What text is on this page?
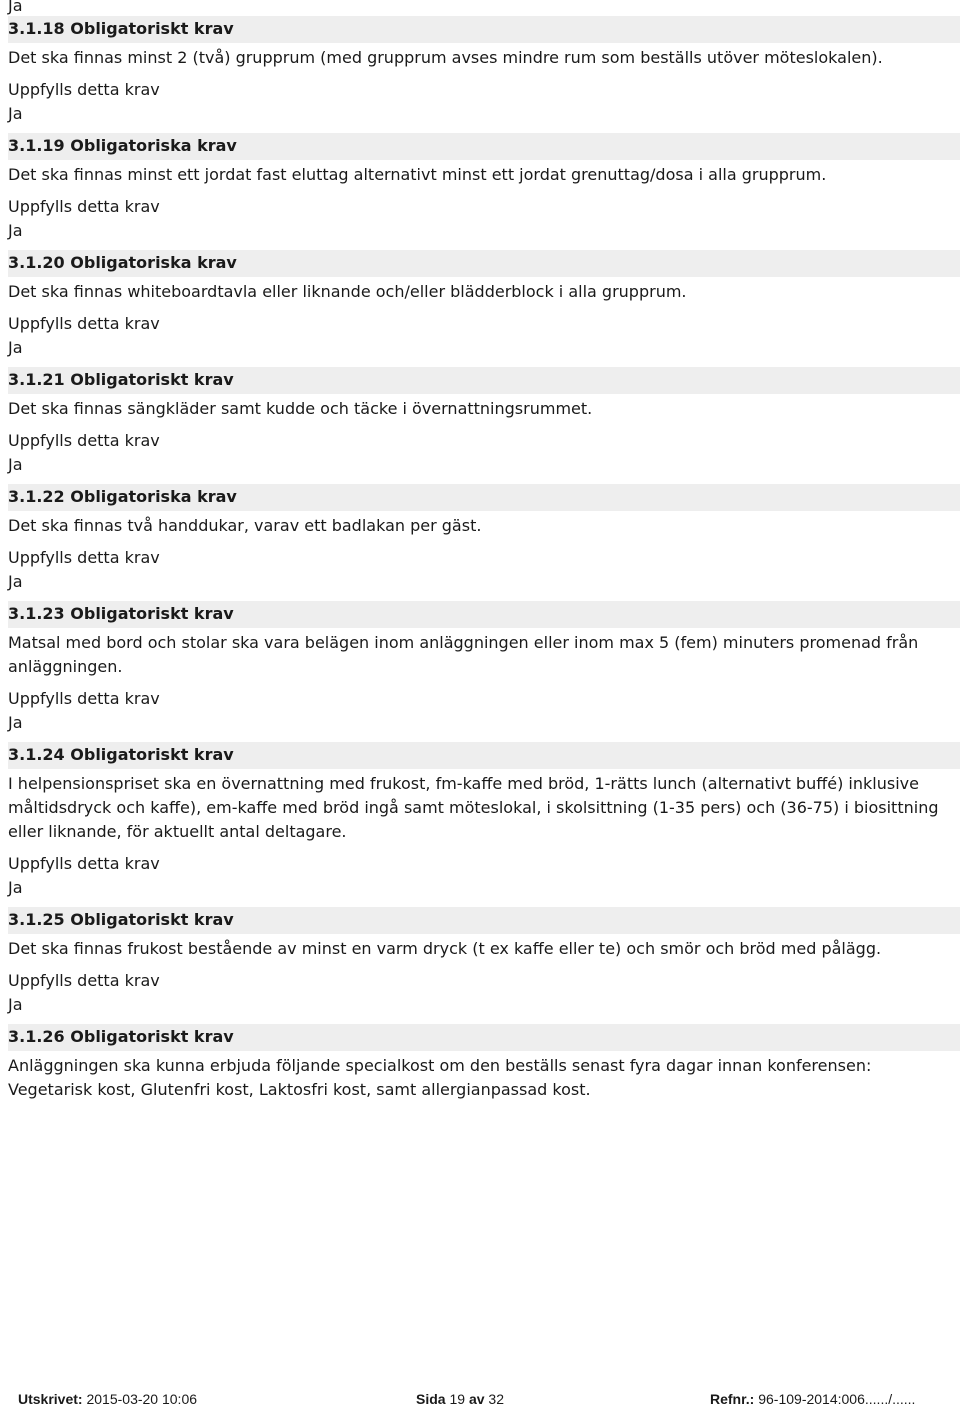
Ja
3.1.18 Obligatoriskt krav
Det ska finnas minst 2 (två) grupprum (med grupprum avses mindre rum som beställs utöver möteslokalen).
Uppfylls detta krav
Ja
3.1.19 Obligatoriska krav
Det ska finnas minst ett jordat fast eluttag alternativt minst ett jordat grenuttag/dosa i alla grupprum.
Uppfylls detta krav
Ja
3.1.20 Obligatoriska krav
Det ska finnas whiteboardtavla eller liknande och/eller blädderblock i alla grupprum.
Uppfylls detta krav
Ja
3.1.21 Obligatoriskt krav
Det ska finnas sängkläder samt kudde och täcke i övernattningsrummet.
Uppfylls detta krav
Ja
3.1.22 Obligatoriska krav
Det ska finnas två handdukar, varav ett badlakan per gäst.
Uppfylls detta krav
Ja
3.1.23 Obligatoriskt krav
Matsal med bord och stolar ska vara belägen inom anläggningen eller inom max 5 (fem) minuters promenad från anläggningen.
Uppfylls detta krav
Ja
3.1.24 Obligatoriskt krav
I helpensionspriset ska en övernattning med frukost, fm-kaffe med bröd, 1-rätts lunch (alternativt buffé) inklusive måltidsdryck och kaffe), em-kaffe med bröd ingå samt möteslokal, i skolsittning (1-35 pers) och (36-75) i biosittning eller liknande, för aktuellt antal deltagare.
Uppfylls detta krav
Ja
3.1.25 Obligatoriskt krav
Det ska finnas frukost bestående av minst en varm dryck (t ex kaffe eller te) och smör och bröd med pålägg.
Uppfylls detta krav
Ja
3.1.26 Obligatoriskt krav
Anläggningen ska kunna erbjuda följande specialkost om den beställs senast fyra dagar innan konferensen: Vegetarisk kost, Glutenfri kost, Laktosfri kost, samt allergianpassad kost.
Utskrivet: 2015-03-20 10:06	Sida 19 av 32	Refnr.: 96-109-2014:006....../......
